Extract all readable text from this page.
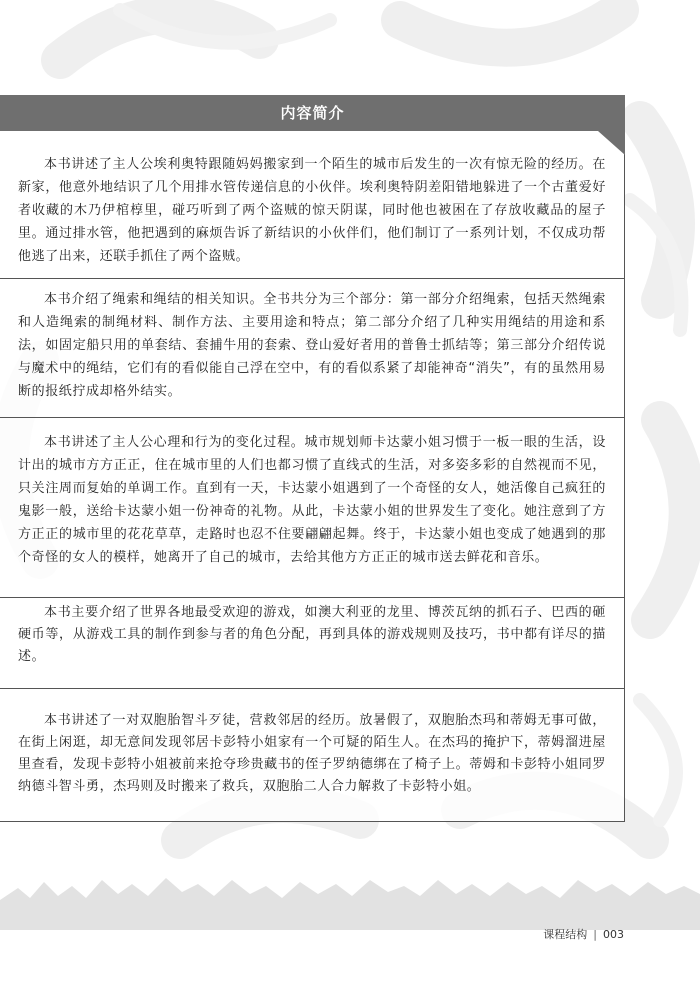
内容简介

本书讲述了主人公埃利奥特跟随妈妈搬家到一个陌生的城市后发生的一次有惊无险的经历。在新家，他意外地结识了几个用排水管传递信息的小伙伴。埃利奥特阴差阳错地躲进了一个古董爱好者收藏的木乃伊棺椁里，碰巧听到了两个盗贼的惊天阴谋，同时他也被困在了存放收藏品的屋子里。通过排水管，他把遇到的麻烦告诉了新结识的小伙伴们，他们制订了一系列计划，不仅成功帮他逃了出来，还联手抓住了两个盗贼。

本书介绍了绳索和绳结的相关知识。全书共分为三个部分：第一部分介绍绳索，包括天然绳索和人造绳索的制绳材料、制作方法、主要用途和特点；第二部分介绍了几种实用绳结的用途和系法，如固定船只用的单套结、套捕牛用的套索、登山爱好者用的普鲁士抓结等；第三部分介绍传说与魔术中的绳结，它们有的看似能自己浮在空中，有的看似系紧了却能神奇“消失”，有的虽然用易断的报纸拧成却格外结实。

本书讲述了主人公心理和行为的变化过程。城市规划师卡达蒙小姐习惯于一板一眼的生活，设计出的城市方方正正，住在城市里的人们也都习惯了直线式的生活，对多姿多彩的自然视而不见，只关注周而复始的单调工作。直到有一天，卡达蒙小姐遇到了一个奇怪的女人，她活像自己疯狂的鬼影一般，送给卡达蒙小姐一份神奇的礼物。从此，卡达蒙小姐的世界发生了变化。她注意到了方方正正的城市里的花花草草，走路时也忍不住要翩翩起舞。终于，卡达蒙小姐也变成了她遇到的那个奇怪的女人的模样，她离开了自己的城市，去给其他方方正正的城市送去鲜花和音乐。

本书主要介绍了世界各地最受欢迎的游戏，如澳大利亚的龙里、博茨瓦纳的抓石子、巴西的砸硬币等，从游戏工具的制作到参与者的角色分配，再到具体的游戏规则及技巧，书中都有详尽的描述。

本书讲述了一对双胞胎智斗歹徒，营救邻居的经历。放暑假了，双胞胎杰玛和蒂姆无事可做，在街上闲逛，却无意间发现邻居卡彭特小姐家有一个可疑的陌生人。在杰玛的掩护下，蒂姆溜进屋里查看，发现卡彭特小姐被前来抢夺珍贵藏书的侄子罗纳德绑在了椅子上。蒂姆和卡彭特小姐同罗纳德斗智斗勇，杰玛则及时搬来了救兵，双胞胎二人合力解救了卡彭特小姐。

课程结构 | 003
